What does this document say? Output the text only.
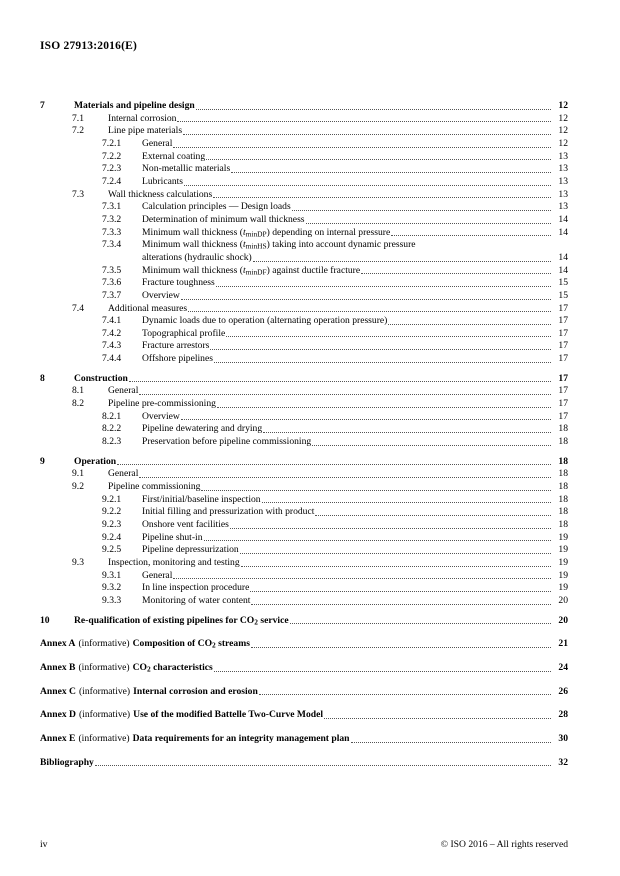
ISO 27913:2016(E)
7	Materials and pipeline design	12
7.1	Internal corrosion	12
7.2	Line pipe materials	12
7.2.1	General	12
7.2.2	External coating	13
7.2.3	Non-metallic materials	13
7.2.4	Lubricants	13
7.3	Wall thickness calculations	13
7.3.1	Calculation principles — Design loads	13
7.3.2	Determination of minimum wall thickness	14
7.3.3	Minimum wall thickness $(t_{minDP})$ depending on internal pressure	14
7.3.4	Minimum wall thickness $(t_{minHS})$ taking into account dynamic pressure
alterations (hydraulic shock)	14
7.3.5	Minimum wall thickness $(t_{minDF})$ against ductile fracture	14
7.3.6	Fracture toughness	15
7.3.7	Overview	15
7.4	Additional measures	17
7.4.1	Dynamic loads due to operation (alternating operation pressure)	17
7.4.2	Topographical profile	17
7.4.3	Fracture arrestors	17
7.4.4	Offshore pipelines	17
8	Construction	17
8.1	General	17
8.2	Pipeline pre-commissioning	17
8.2.1	Overview	17
8.2.2	Pipeline dewatering and drying	18
8.2.3	Preservation before pipeline commissioning	18
9	Operation	18
9.1	General	18
9.2	Pipeline commissioning	18
9.2.1	First/initial/baseline inspection	18
9.2.2	Initial filling and pressurization with product	18
9.2.3	Onshore vent facilities	18
9.2.4	Pipeline shut-in	19
9.2.5	Pipeline depressurization	19
9.3	Inspection, monitoring and testing	19
9.3.1	General	19
9.3.2	In line inspection procedure	19
9.3.3	Monitoring of water content	20
10	Re-qualification of existing pipelines for $CO_2$ service	20
Annex A (informative) Composition of $CO_2$ streams	21
Annex B (informative) $CO_2$ characteristics	24
Annex C (informative) Internal corrosion and erosion	26
Annex D (informative) Use of the modified Battelle Two-Curve Model	28
Annex E (informative) Data requirements for an integrity management plan	30
Bibliography	32
iv	© ISO 2016 – All rights reserved
